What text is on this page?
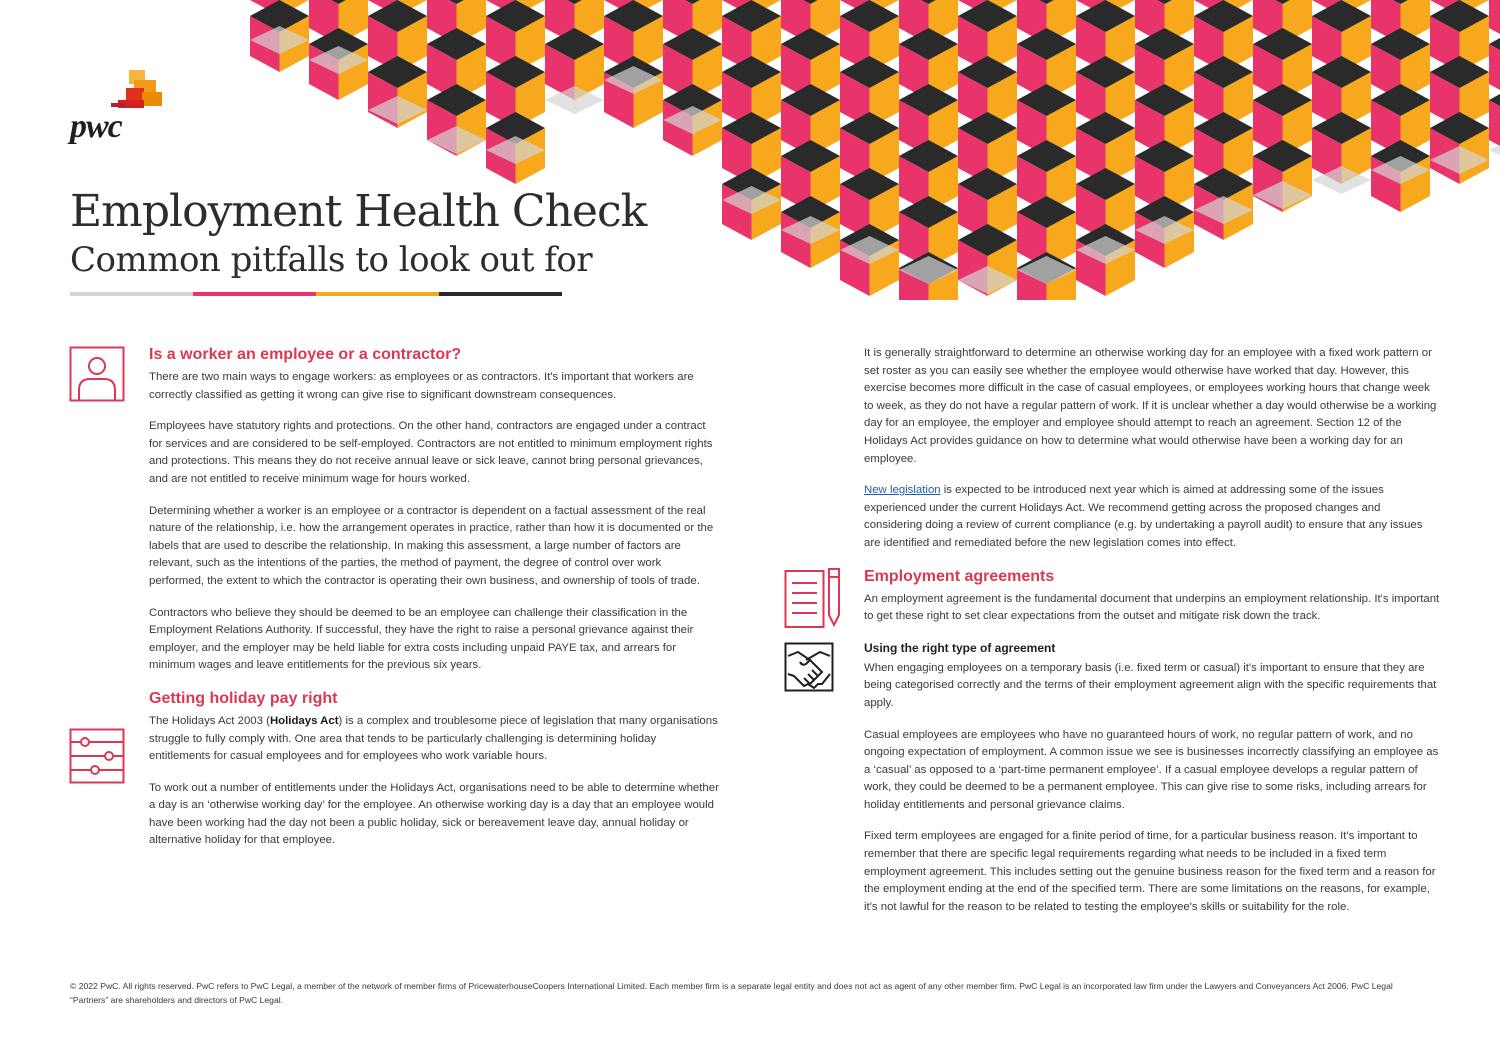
pwc
Employment Health Check
Common pitfalls to look out for
Is a worker an employee or a contractor?

There are two main ways to engage workers: as employees or as contractors. It's important that workers are correctly classified as getting it wrong can give rise to significant downstream consequences.

Employees have statutory rights and protections. On the other hand, contractors are engaged under a contract for services and are considered to be self-employed. Contractors are not entitled to minimum employment rights and protections. This means they do not receive annual leave or sick leave, cannot bring personal grievances, and are not entitled to receive minimum wage for hours worked.

Determining whether a worker is an employee or a contractor is dependent on a factual assessment of the real nature of the relationship, i.e. how the arrangement operates in practice, rather than how it is documented or the labels that are used to describe the relationship. In making this assessment, a large number of factors are relevant, such as the intentions of the parties, the method of payment, the degree of control over work performed, the extent to which the contractor is operating their own business, and ownership of tools of trade.

Contractors who believe they should be deemed to be an employee can challenge their classification in the Employment Relations Authority. If successful, they have the right to raise a personal grievance against their employer, and the employer may be held liable for extra costs including unpaid PAYE tax, and arrears for minimum wages and leave entitlements for the previous six years.

Getting holiday pay right

The Holidays Act 2003 (Holidays Act) is a complex and troublesome piece of legislation that many organisations struggle to fully comply with. One area that tends to be particularly challenging is determining holiday entitlements for casual employees and for employees who work variable hours.

To work out a number of entitlements under the Holidays Act, organisations need to be able to determine whether a day is an ‘otherwise working day’ for the employee. An otherwise working day is a day that an employee would have been working had the day not been a public holiday, sick or bereavement leave day, annual holiday or alternative holiday for that employee.

It is generally straightforward to determine an otherwise working day for an employee with a fixed work pattern or set roster as you can easily see whether the employee would otherwise have worked that day. However, this exercise becomes more difficult in the case of casual employees, or employees working hours that change week to week, as they do not have a regular pattern of work. If it is unclear whether a day would otherwise be a working day for an employee, the employer and employee should attempt to reach an agreement. Section 12 of the Holidays Act provides guidance on how to determine what would otherwise have been a working day for an employee.

New legislation is expected to be introduced next year which is aimed at addressing some of the issues experienced under the current Holidays Act. We recommend getting across the proposed changes and considering doing a review of current compliance (e.g. by undertaking a payroll audit) to ensure that any issues are identified and remediated before the new legislation comes into effect.

Employment agreements

An employment agreement is the fundamental document that underpins an employment relationship. It's important to get these right to set clear expectations from the outset and mitigate risk down the track.

Using the right type of agreement

When engaging employees on a temporary basis (i.e. fixed term or casual) it's important to ensure that they are being categorised correctly and the terms of their employment agreement align with the specific requirements that apply.

Casual employees are employees who have no guaranteed hours of work, no regular pattern of work, and no ongoing expectation of employment. A common issue we see is businesses incorrectly classifying an employee as a ‘casual’ as opposed to a ‘part-time permanent employee’. If a casual employee develops a regular pattern of work, they could be deemed to be a permanent employee. This can give rise to some risks, including arrears for holiday entitlements and personal grievance claims.

Fixed term employees are engaged for a finite period of time, for a particular business reason. It's important to remember that there are specific legal requirements regarding what needs to be included in a fixed term employment agreement. This includes setting out the genuine business reason for the fixed term and a reason for the employment ending at the end of the specified term. There are some limitations on the reasons, for example, it's not lawful for the reason to be related to testing the employee's skills or suitability for the role.

© 2022 PwC. All rights reserved. PwC refers to PwC Legal, a member of the network of member firms of PricewaterhouseCoopers International Limited. Each member firm is a separate legal entity and does not act as agent of any other member firm. PwC Legal is an incorporated law firm under the Lawyers and Conveyancers Act 2006. PwC Legal “Partners” are shareholders and directors of PwC Legal.
